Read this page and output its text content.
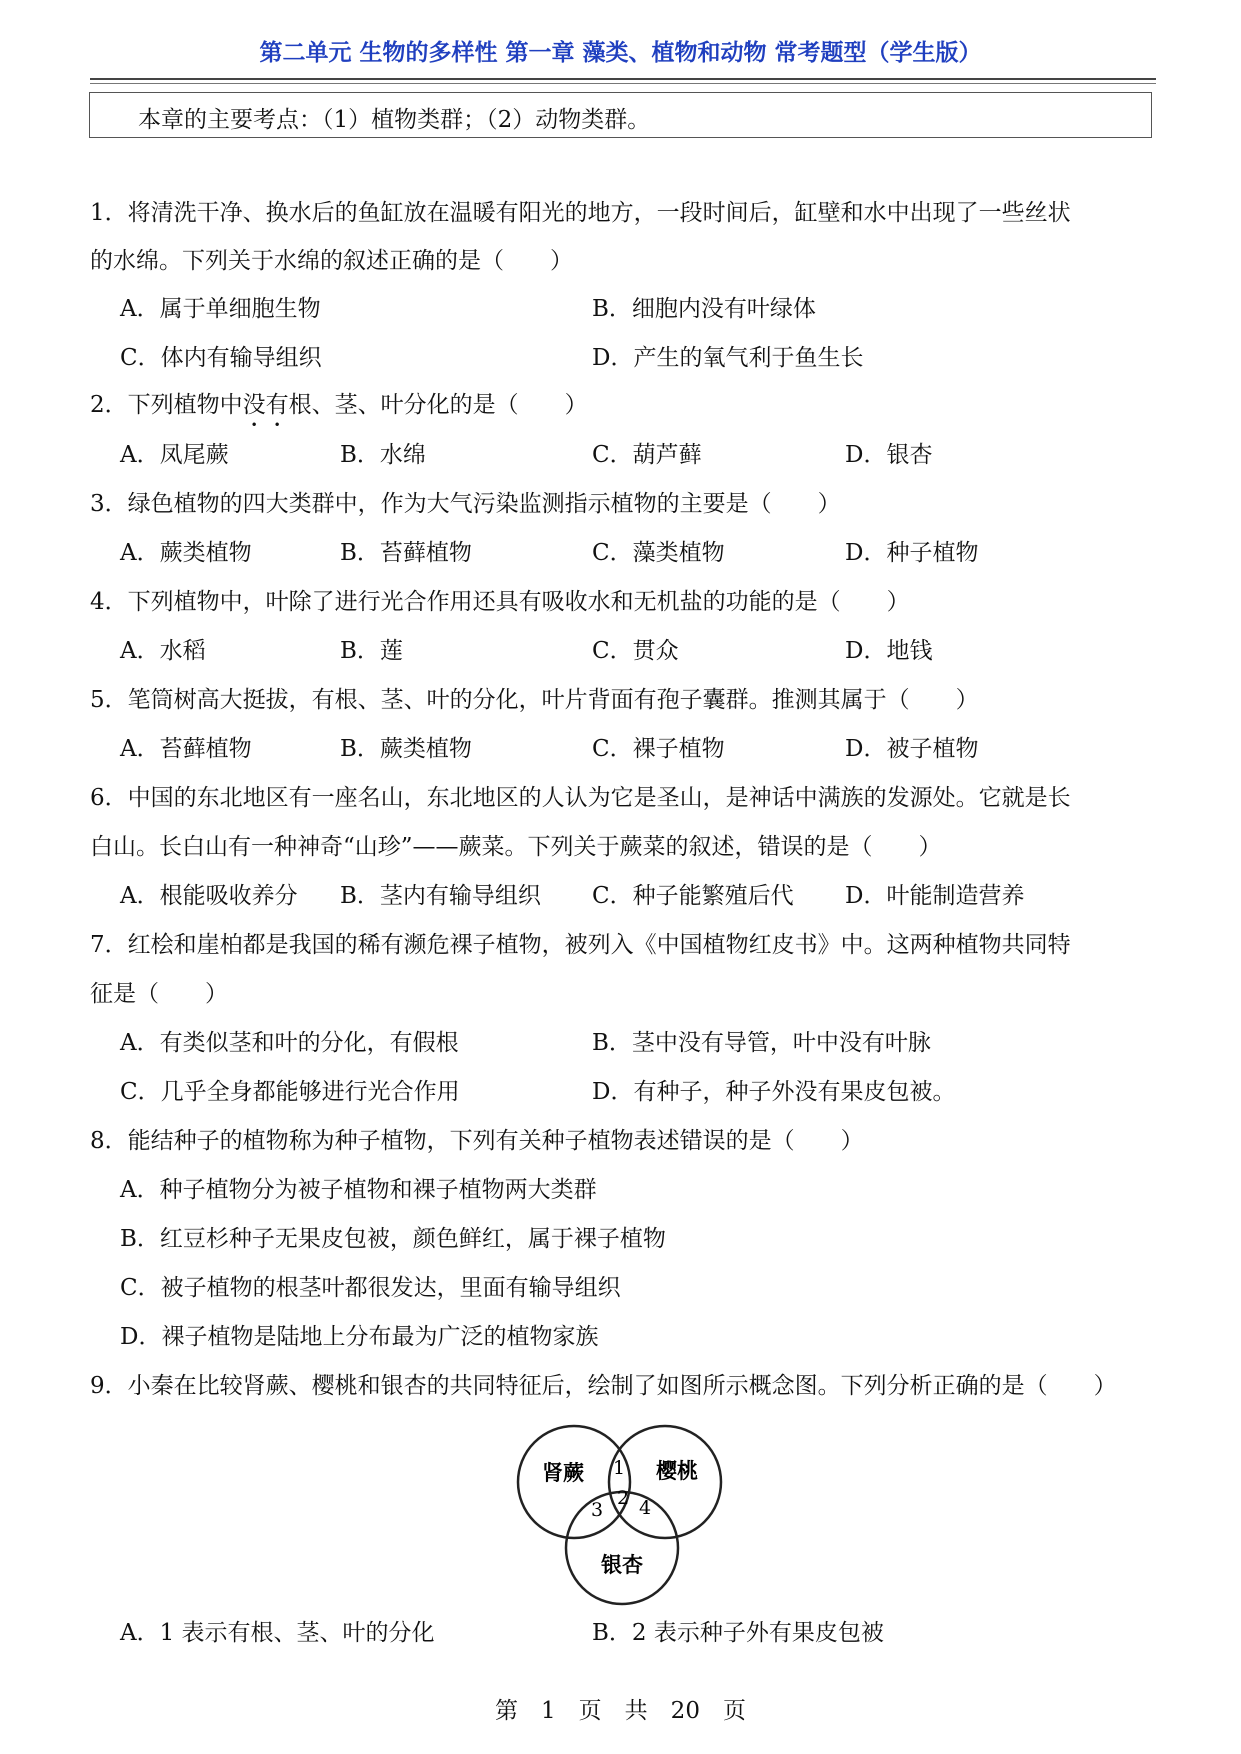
第二单元 生物的多样性 第一章 藻类、植物和动物 常考题型（学生版）
本章的主要考点：（1）植物类群；（2）动物类群。
1．将清洗干净、换水后的鱼缸放在温暖有阳光的地方，一段时间后，缸壁和水中出现了一些丝状
的水绵。下列关于水绵的叙述正确的是（　　）
A．属于单细胞生物	B．细胞内没有叶绿体
C．体内有输导组织	D．产生的氧气利于鱼生长
2．下列植物中没有根、茎、叶分化的是（　　）
A．凤尾蕨	B．水绵	C．葫芦藓	D．银杏
3．绿色植物的四大类群中，作为大气污染监测指示植物的主要是（　　）
A．蕨类植物	B．苔藓植物	C．藻类植物	D．种子植物
4．下列植物中，叶除了进行光合作用还具有吸收水和无机盐的功能的是（　　）
A．水稻	B．莲	C．贯众	D．地钱
5．笔筒树高大挺拔，有根、茎、叶的分化，叶片背面有孢子囊群。推测其属于（　　）
A．苔藓植物	B．蕨类植物	C．裸子植物	D．被子植物
6．中国的东北地区有一座名山，东北地区的人认为它是圣山，是神话中满族的发源处。它就是长
白山。长白山有一种神奇“山珍”——蕨菜。下列关于蕨菜的叙述，错误的是（　　）
A．根能吸收养分 B．茎内有输导组织 C．种子能繁殖后代 D．叶能制造营养
7．红桧和崖柏都是我国的稀有濒危裸子植物，被列入《中国植物红皮书》中。这两种植物共同特
征是（　　）
A．有类似茎和叶的分化，有假根	B．茎中没有导管，叶中没有叶脉
C．几乎全身都能够进行光合作用	D．有种子，种子外没有果皮包被。
8．能结种子的植物称为种子植物，下列有关种子植物表述错误的是（　　）
A．种子植物分为被子植物和裸子植物两大类群
B．红豆杉种子无果皮包被，颜色鲜红，属于裸子植物
C．被子植物的根茎叶都很发达，里面有输导组织
D．裸子植物是陆地上分布最为广泛的植物家族
9．小秦在比较肾蕨、樱桃和银杏的共同特征后，绘制了如图所示概念图。下列分析正确的是（　　）
肾蕨	樱桃
银杏
1
2
3 4
A．1 表示有根、茎、叶的分化	B．2 表示种子外有果皮包被
第　1　页　共　20　页
